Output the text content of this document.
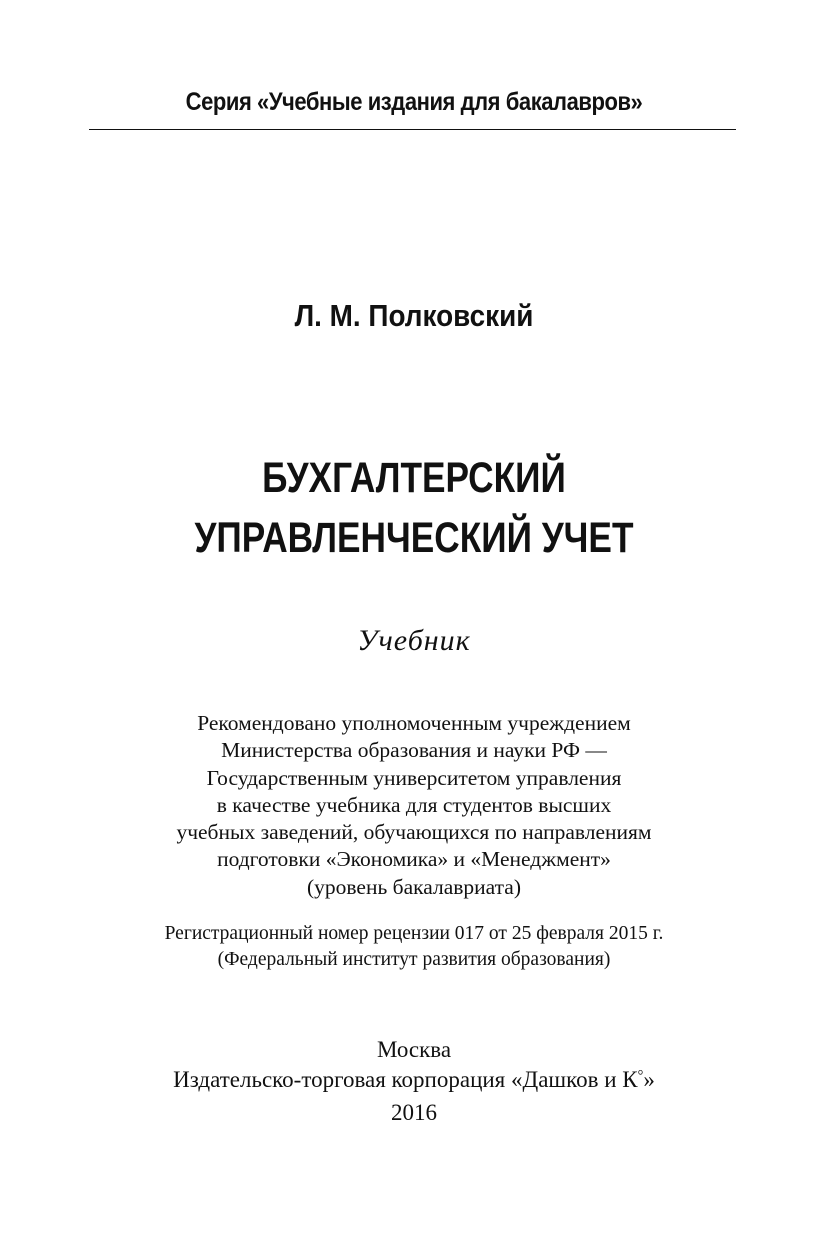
Серия «Учебные издания для бакалавров»
Л. М. Полковский
БУХГАЛТЕРСКИЙ
УПРАВЛЕНЧЕСКИЙ УЧЕТ
Учебник
Рекомендовано уполномоченным учреждением
Министерства образования и науки РФ —
Государственным университетом управления
в качестве учебника для студентов высших
учебных заведений, обучающихся по направлениям
подготовки «Экономика» и «Менеджмент»
(уровень бакалавриата)
Регистрационный номер рецензии 017 от 25 февраля 2015 г.
(Федеральный институт развития образования)
Москва
Издательско-торговая корпорация «Дашков и К°»
2016
